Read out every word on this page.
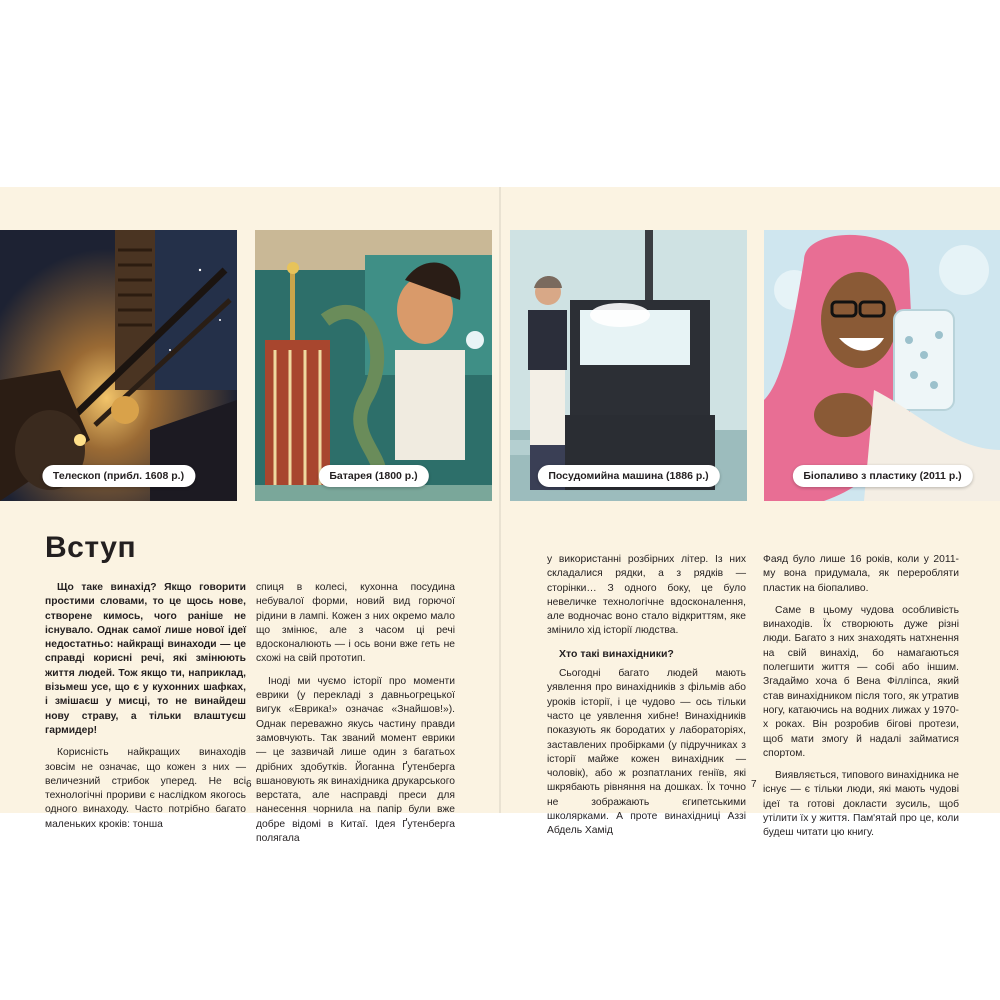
Телескоп (прибл. 1608 р.)	Батарея (1800 р.)	Посудомийна машина (1886 р.)	Біопаливо з пластику (2011 р.)
Вступ

Що таке винахід? Якщо говорити простими словами, то це щось нове, створене кимось, чого раніше не існувало. Однак самої лише нової ідеї недостатньо: найкращі винаходи — це справді корисні речі, які змінюють життя людей. Тож якщо ти, наприклад, візьмеш усе, що є у кухонних шафках, і змішаєш у мисці, то не винайдеш нову страву, а тільки влаштуєш гармидер!

Корисність найкращих винаходів зовсім не означає, що кожен з них — величезний стрибок уперед. Не всі технологічні прориви є наслідком якогось одного винаходу. Часто потрібно багато маленьких кроків: тонша

спиця в колесі, кухонна посудина небувалої форми, новий вид горючої рідини в лампі. Кожен з них окремо мало що змінює, але з часом ці речі вдосконалюють — і ось вони вже геть не схожі на свій прототип.

Іноді ми чуємо історії про моменти еврики (у перекладі з давньогрецької вигук «Еврика!» означає «Знайшов!»). Однак переважно якусь частину правди замовчують. Так званий момент еврики — це зазвичай лише один з багатьох дрібних здобутків. Йоганна Ґутенберга вшановують як винахідника друкарського верстата, але насправді преси для нанесення чорнила на папір були вже добре відомі в Китаї. Ідея Ґутенберга полягала

у використанні розбірних літер. Із них складалися рядки, а з рядків — сторінки… З одного боку, це було невеличке технологічне вдосконалення, але водночас воно стало відкриттям, яке змінило хід історії людства.

Хто такі винахідники?

Сьогодні багато людей мають уявлення про винахідників з фільмів або уроків історії, і це чудово — ось тільки часто це уявлення хибне! Винахідників показують як бородатих у лабораторіях, заставлених пробірками (у підручниках з історії майже кожен винахідник — чоловік), або ж розпатланих геніїв, які шкрябають рівняння на дошках. Їх точно не зображають єгипетськими школярками. А проте винахідниці Аззі Абдель Хамід

Фаяд було лише 16 років, коли у 2011-му вона придумала, як переробляти пластик на біопаливо.

Саме в цьому чудова особливість винаходів. Їх створюють дуже різні люди. Багато з них знаходять натхнення на свій винахід, бо намагаються полегшити життя — собі або іншим. Згадаймо хоча б Вена Філліпса, який став винахідником після того, як утратив ногу, катаючись на водних лижах у 1970-х роках. Він розробив бігові протези, щоб мати змогу й надалі займатися спортом.

Виявляється, типового винахідника не існує — є тільки люди, які мають чудові ідеї та готові докласти зусиль, щоб утілити їх у життя. Пам'ятай про це, коли будеш читати цю книгу.

6	7
